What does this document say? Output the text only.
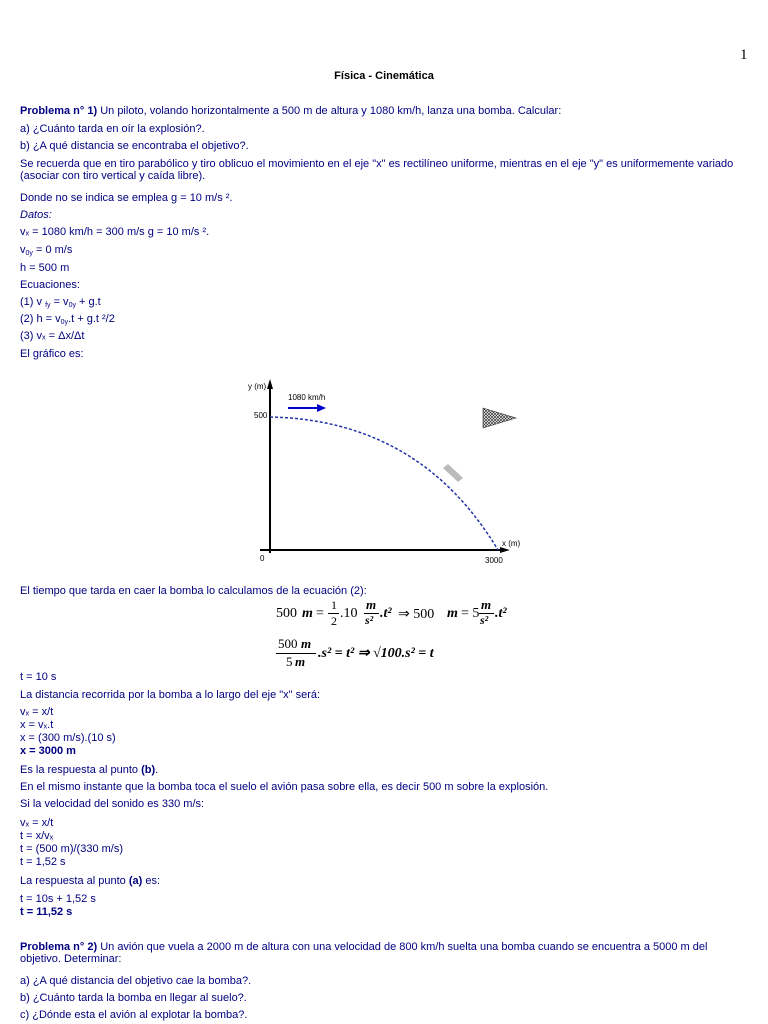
1
Física - Cinemática
Problema n° 1) Un piloto, volando horizontalmente a 500 m de altura y 1080 km/h, lanza una bomba. Calcular:
a) ¿Cuánto tarda en oír la explosión?.
b) ¿A qué distancia se encontraba el objetivo?.
Se recuerda que en tiro parabólico y tiro oblicuo el movimiento en el eje "x" es rectilíneo uniforme, mientras en el eje "y" es uniformemente variado (asociar con tiro vertical y caída libre).
Donde no se indica se emplea g = 10 m/s ².
Datos:
vₓ = 1080 km/h = 300 m/s g = 10 m/s ².
$v_{0y} = 0$ m/s
h = 500 m
Ecuaciones:
(1) v $_{fy} = v_{0y} + g.t$
(2) $h = v_{0y}.t + g.t$ ²/2
(3) vₓ = Δx/Δt
El gráfico es:
y (m)
x (m)
500
0	3000
1080 km/h
El tiempo que tarda en caer la bomba lo calculamos de la ecuación (2):
500 m =
1
2 .10
m
s² .t² ⇒ 500 m = 5
m
s² .t²
500 m
5 m
.s² = t² ⇒ √100.s² = t
t = 10 s
La distancia recorrida por la bomba a lo largo del eje "x" será:
vₓ = x/t
x = vₓ.t
x = (300 m/s).(10 s)
x = 3000 m
Es la respuesta al punto (b).
En el mismo instante que la bomba toca el suelo el avión pasa sobre ella, es decir 500 m sobre la explosión.
Si la velocidad del sonido es 330 m/s:
vₓ = x/t
t = x/vₓ
t = (500 m)/(330 m/s)
t = 1,52 s
La respuesta al punto (a) es:
t = 10s + 1,52 s
t = 11,52 s
Problema n° 2) Un avión que vuela a 2000 m de altura con una velocidad de 800 km/h suelta una bomba cuando se encuentra a 5000 m del objetivo. Determinar:
a) ¿A qué distancia del objetivo cae la bomba?.
b) ¿Cuánto tarda la bomba en llegar al suelo?.
c) ¿Dónde esta el avión al explotar la bomba?.
